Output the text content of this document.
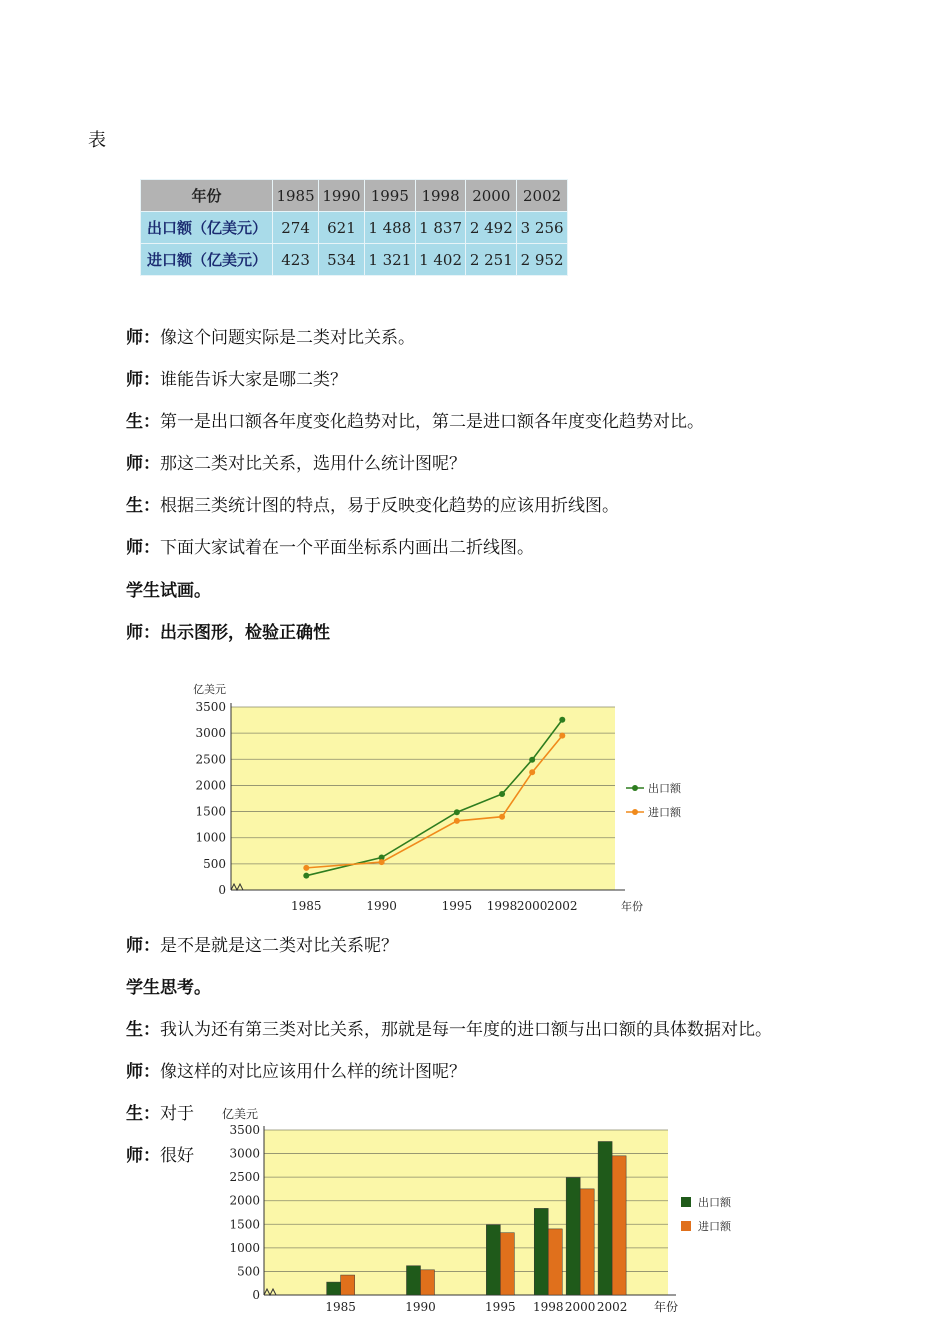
表
年份	1985	1990	1995	1998	2000	2002
出口额（亿美元）	274	621	1 488	1 837	2 492	3 256
进口额（亿美元）	423	534	1 321	1 402	2 251	2 952
师：像这个问题实际是二类对比关系。
师：谁能告诉大家是哪二类？
生：第一是出口额各年度变化趋势对比，第二是进口额各年度变化趋势对比。
师：那这二类对比关系，选用什么统计图呢？
生：根据三类统计图的特点，易于反映变化趋势的应该用折线图。
师：下面大家试着在一个平面坐标系内画出二折线图。
学生试画。
师：出示图形，检验正确性
0
500
1000
1500
2000
2500
3000
3500
1985	1990	1995 1998 2000 2002
亿美元
年份
出口额
进口额
师：是不是就是这二类对比关系呢？
学生思考。
生：我认为还有第三类对比关系，那就是每一年度的进口额与出口额的具体数据对比。
师：像这样的对比应该用什么样的统计图呢？
生：对于
师：很好
0
500
1000
1500
2000
2500
3000
3500
1985	1990	1995 1998 2000 2002
亿美元
年份
出口额
进口额
